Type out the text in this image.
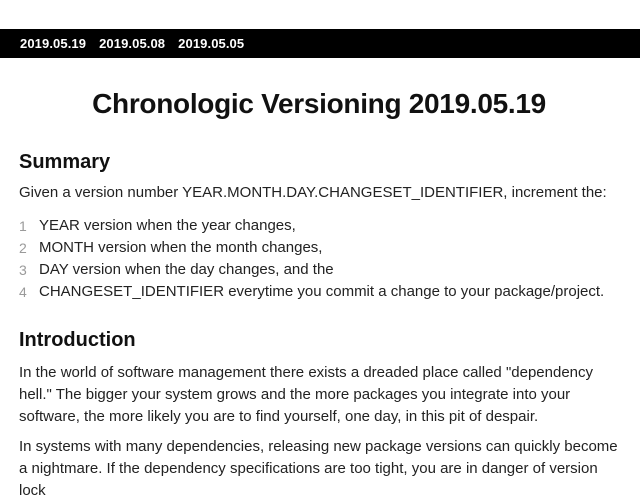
2019.05.19 2019.05.08 2019.05.05
Chronologic Versioning 2019.05.19
Summary

Given a version number YEAR.MONTH.DAY.CHANGESET_IDENTIFIER, increment the:

1 YEAR version when the year changes,
2 MONTH version when the month changes,
3 DAY version when the day changes, and the
4 CHANGESET_IDENTIFIER everytime you commit a change to your package/project.
Introduction

In the world of software management there exists a dreaded place called "dependency hell." The bigger your system grows and the more packages you integrate into your software, the more likely you are to find yourself, one day, in this pit of despair.

In systems with many dependencies, releasing new package versions can quickly become a nightmare. If the dependency specifications are too tight, you are in danger of version lock
